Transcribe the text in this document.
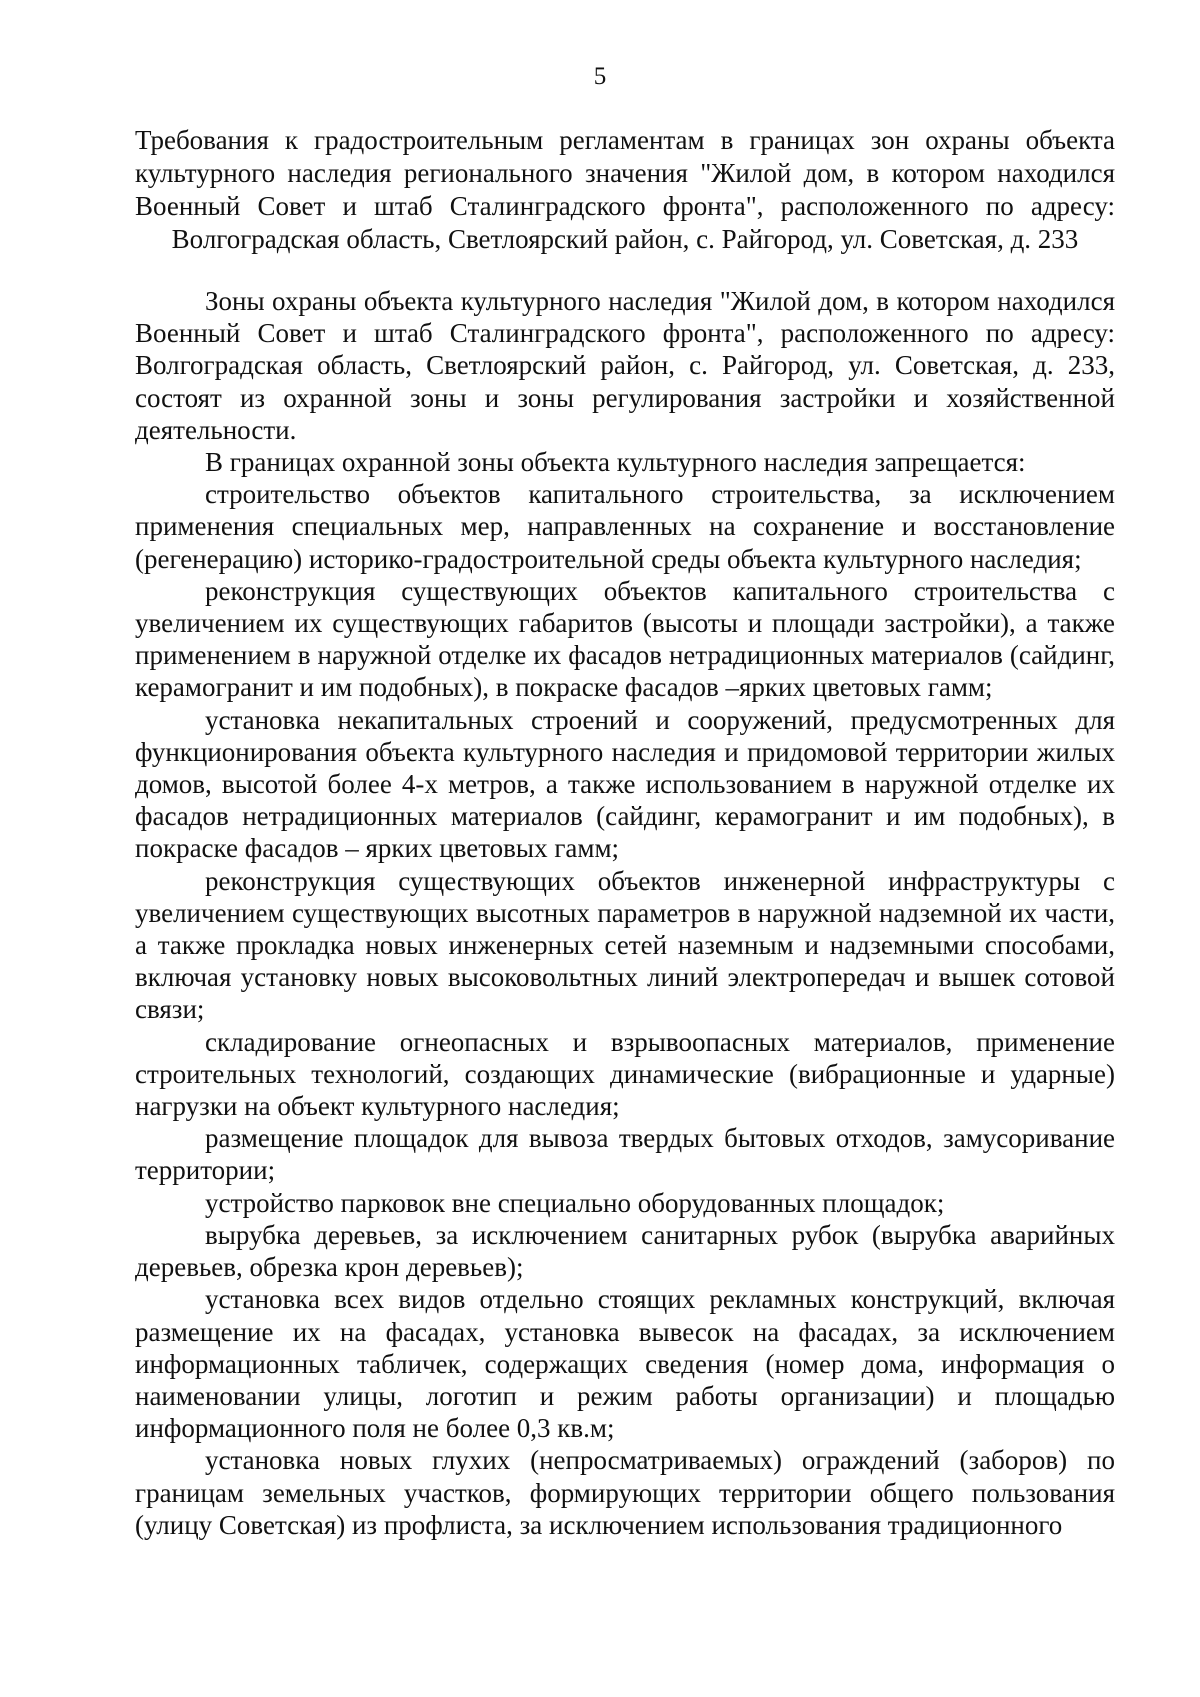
5
Требования к градостроительным регламентам в границах зон охраны объекта культурного наследия регионального значения "Жилой дом, в котором находился Военный Совет и штаб Сталинградского фронта", расположенного по адресу: Волгоградская область, Светлоярский район, с. Райгород, ул. Советская, д. 233

Зоны охраны объекта культурного наследия "Жилой дом, в котором находился Военный Совет и штаб Сталинградского фронта", расположенного по адресу: Волгоградская область, Светлоярский район, с. Райгород, ул. Советская, д. 233, состоят из охранной зоны и зоны регулирования застройки и хозяйственной деятельности.

В границах охранной зоны объекта культурного наследия запрещается:

строительство объектов капитального строительства, за исключением применения специальных мер, направленных на сохранение и восстановление (регенерацию) историко-градостроительной среды объекта культурного наследия;

реконструкция существующих объектов капитального строительства с увеличением их существующих габаритов (высоты и площади застройки), а также применением в наружной отделке их фасадов нетрадиционных материалов (сайдинг, керамогранит и им подобных), в покраске фасадов –ярких цветовых гамм;

установка некапитальных строений и сооружений, предусмотренных для функционирования объекта культурного наследия и придомовой территории жилых домов, высотой более 4-х метров, а также использованием в наружной отделке их фасадов нетрадиционных материалов (сайдинг, керамогранит и им подобных), в покраске фасадов – ярких цветовых гамм;

реконструкция существующих объектов инженерной инфраструктуры с увеличением существующих высотных параметров в наружной надземной их части, а также прокладка новых инженерных сетей наземным и надземными способами, включая установку новых высоковольтных линий электропередач и вышек сотовой связи;

складирование огнеопасных и взрывоопасных материалов, применение строительных технологий, создающих динамические (вибрационные и ударные) нагрузки на объект культурного наследия;

размещение площадок для вывоза твердых бытовых отходов, замусоривание территории;

устройство парковок вне специально оборудованных площадок;

вырубка деревьев, за исключением санитарных рубок (вырубка аварийных деревьев, обрезка крон деревьев);

установка всех видов отдельно стоящих рекламных конструкций, включая размещение их на фасадах, установка вывесок на фасадах, за исключением информационных табличек, содержащих сведения (номер дома, информация о наименовании улицы, логотип и режим работы организации) и площадью информационного поля не более 0,3 кв.м;

установка новых глухих (непросматриваемых) ограждений (заборов) по границам земельных участков, формирующих территории общего пользования (улицу Советская) из профлиста, за исключением использования традиционного
